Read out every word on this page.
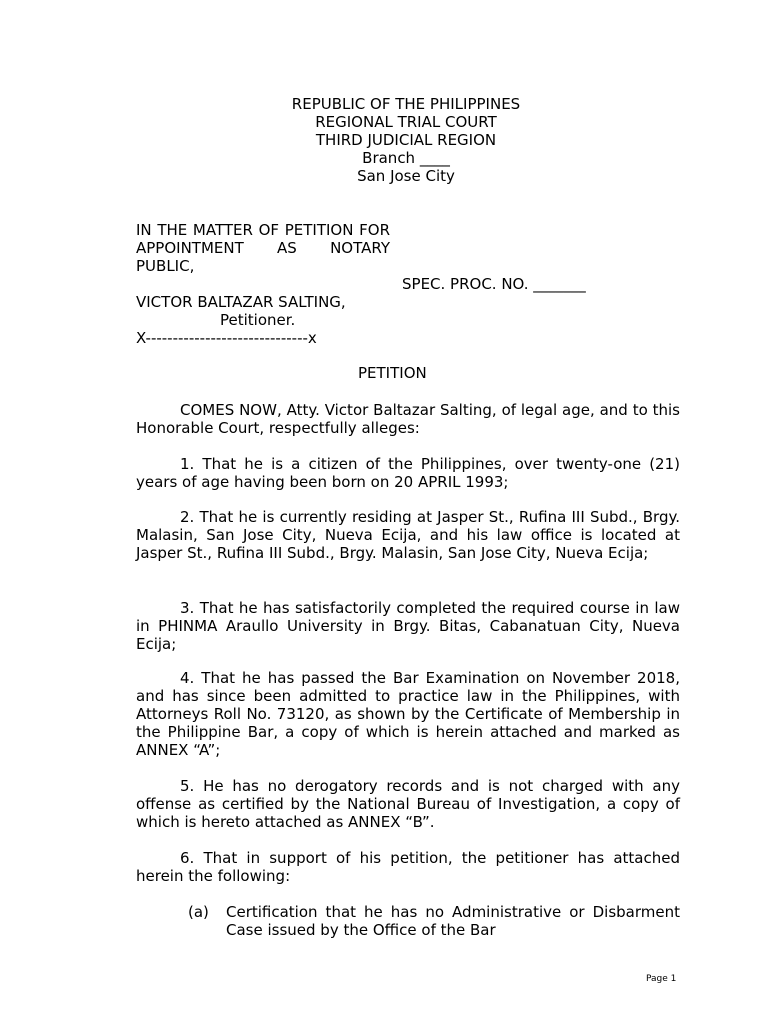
REPUBLIC OF THE PHILIPPINES
REGIONAL TRIAL COURT
THIRD JUDICIAL REGION
Branch ____
San Jose City
IN THE MATTER OF PETITION FOR APPOINTMENT AS NOTARY PUBLIC,
SPEC. PROC. NO. _______
VICTOR BALTAZAR SALTING,
Petitioner.
X------------------------------x
PETITION
COMES NOW, Atty. Victor Baltazar Salting, of legal age, and to this Honorable Court, respectfully alleges:
1. That he is a citizen of the Philippines, over twenty-one (21) years of age having been born on 20 APRIL 1993;
2. That he is currently residing at Jasper St., Rufina III Subd., Brgy. Malasin, San Jose City, Nueva Ecija, and his law office is located at Jasper St., Rufina III Subd., Brgy. Malasin, San Jose City, Nueva Ecija;
3. That he has satisfactorily completed the required course in law in PHINMA Araullo University in Brgy. Bitas, Cabanatuan City, Nueva Ecija;
4. That he has passed the Bar Examination on November 2018, and has since been admitted to practice law in the Philippines, with Attorneys Roll No. 73120, as shown by the Certificate of Membership in the Philippine Bar, a copy of which is herein attached and marked as ANNEX “A”;
5. He has no derogatory records and is not charged with any offense as certified by the National Bureau of Investigation, a copy of which is hereto attached as ANNEX “B”.
6. That in support of his petition, the petitioner has attached herein the following:
(a)	Certification that he has no Administrative or Disbarment Case issued by the Office of the Bar
Page 1
